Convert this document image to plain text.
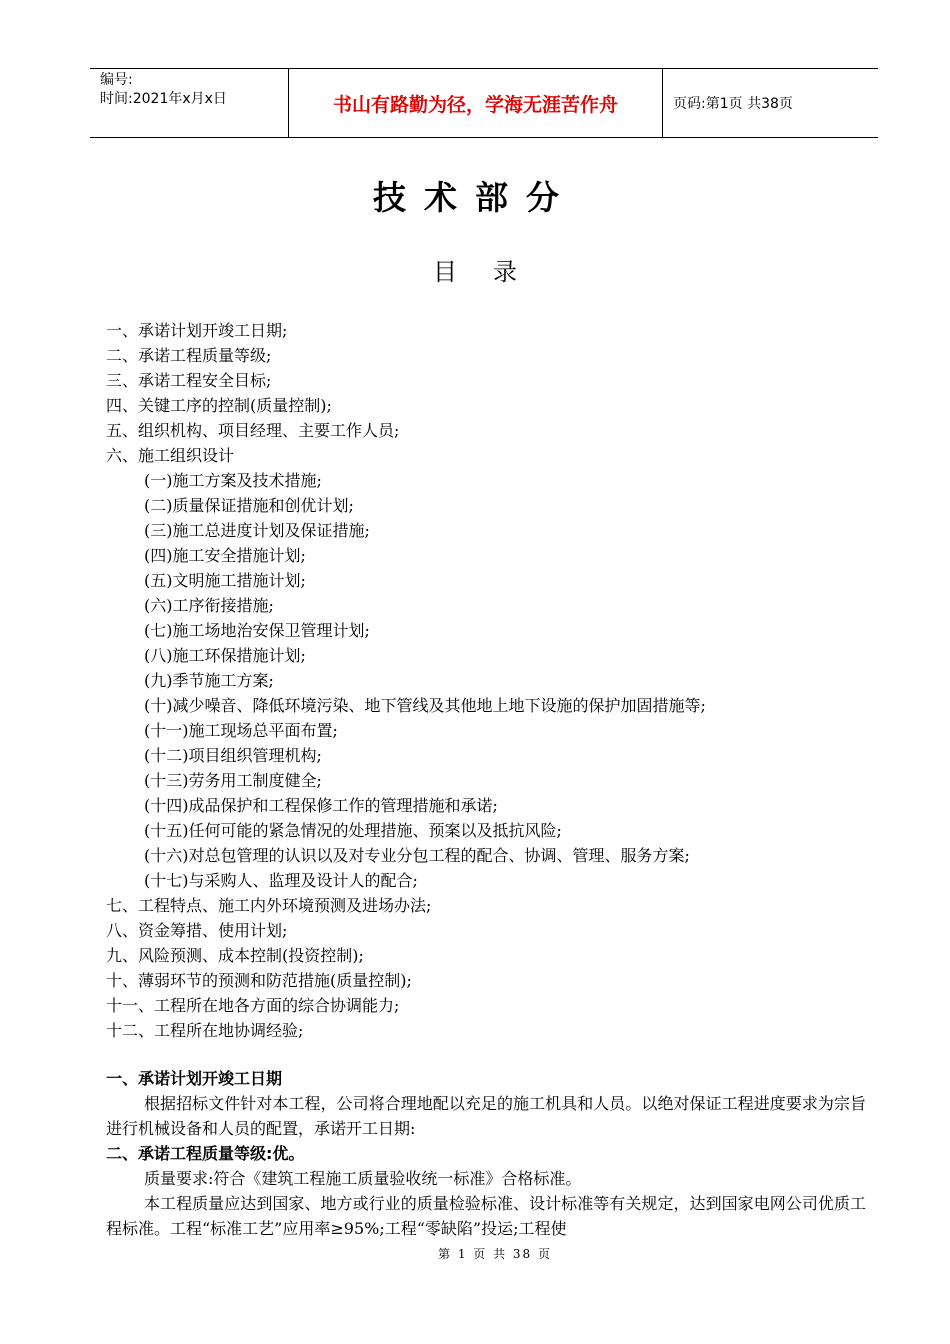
编号:
时间:2021年x月x日	书山有路勤为径，学海无涯苦作舟	页码:第1页 共38页
技术部分
目录
一、承诺计划开竣工日期;
二、承诺工程质量等级;
三、承诺工程安全目标;
四、关键工序的控制(质量控制);
五、组织机构、项目经理、主要工作人员;
六、施工组织设计
(一)施工方案及技术措施;
(二)质量保证措施和创优计划;
(三)施工总进度计划及保证措施;
(四)施工安全措施计划;
(五)文明施工措施计划;
(六)工序衔接措施;
(七)施工场地治安保卫管理计划;
(八)施工环保措施计划;
(九)季节施工方案;
(十)减少噪音、降低环境污染、地下管线及其他地上地下设施的保护加固措施等;
(十一)施工现场总平面布置;
(十二)项目组织管理机构;
(十三)劳务用工制度健全;
(十四)成品保护和工程保修工作的管理措施和承诺;
(十五)任何可能的紧急情况的处理措施、预案以及抵抗风险;
(十六)对总包管理的认识以及对专业分包工程的配合、协调、管理、服务方案;
(十七)与采购人、监理及设计人的配合;
七、工程特点、施工内外环境预测及进场办法;
八、资金筹措、使用计划;
九、风险预测、成本控制(投资控制);
十、薄弱环节的预测和防范措施(质量控制);
十一、工程所在地各方面的综合协调能力;
十二、工程所在地协调经验;
一、承诺计划开竣工日期
根据招标文件针对本工程，公司将合理地配以充足的施工机具和人员。以绝对保证工程进度要求为宗旨进行机械设备和人员的配置，承诺开工日期:
二、承诺工程质量等级:优。
质量要求:符合《建筑工程施工质量验收统一标准》合格标准。
本工程质量应达到国家、地方或行业的质量检验标准、设计标准等有关规定，达到国家电网公司优质工程标准。工程“标准工艺”应用率≥95%;工程“零缺陷”投运;工程使
第 1 页 共 38 页
